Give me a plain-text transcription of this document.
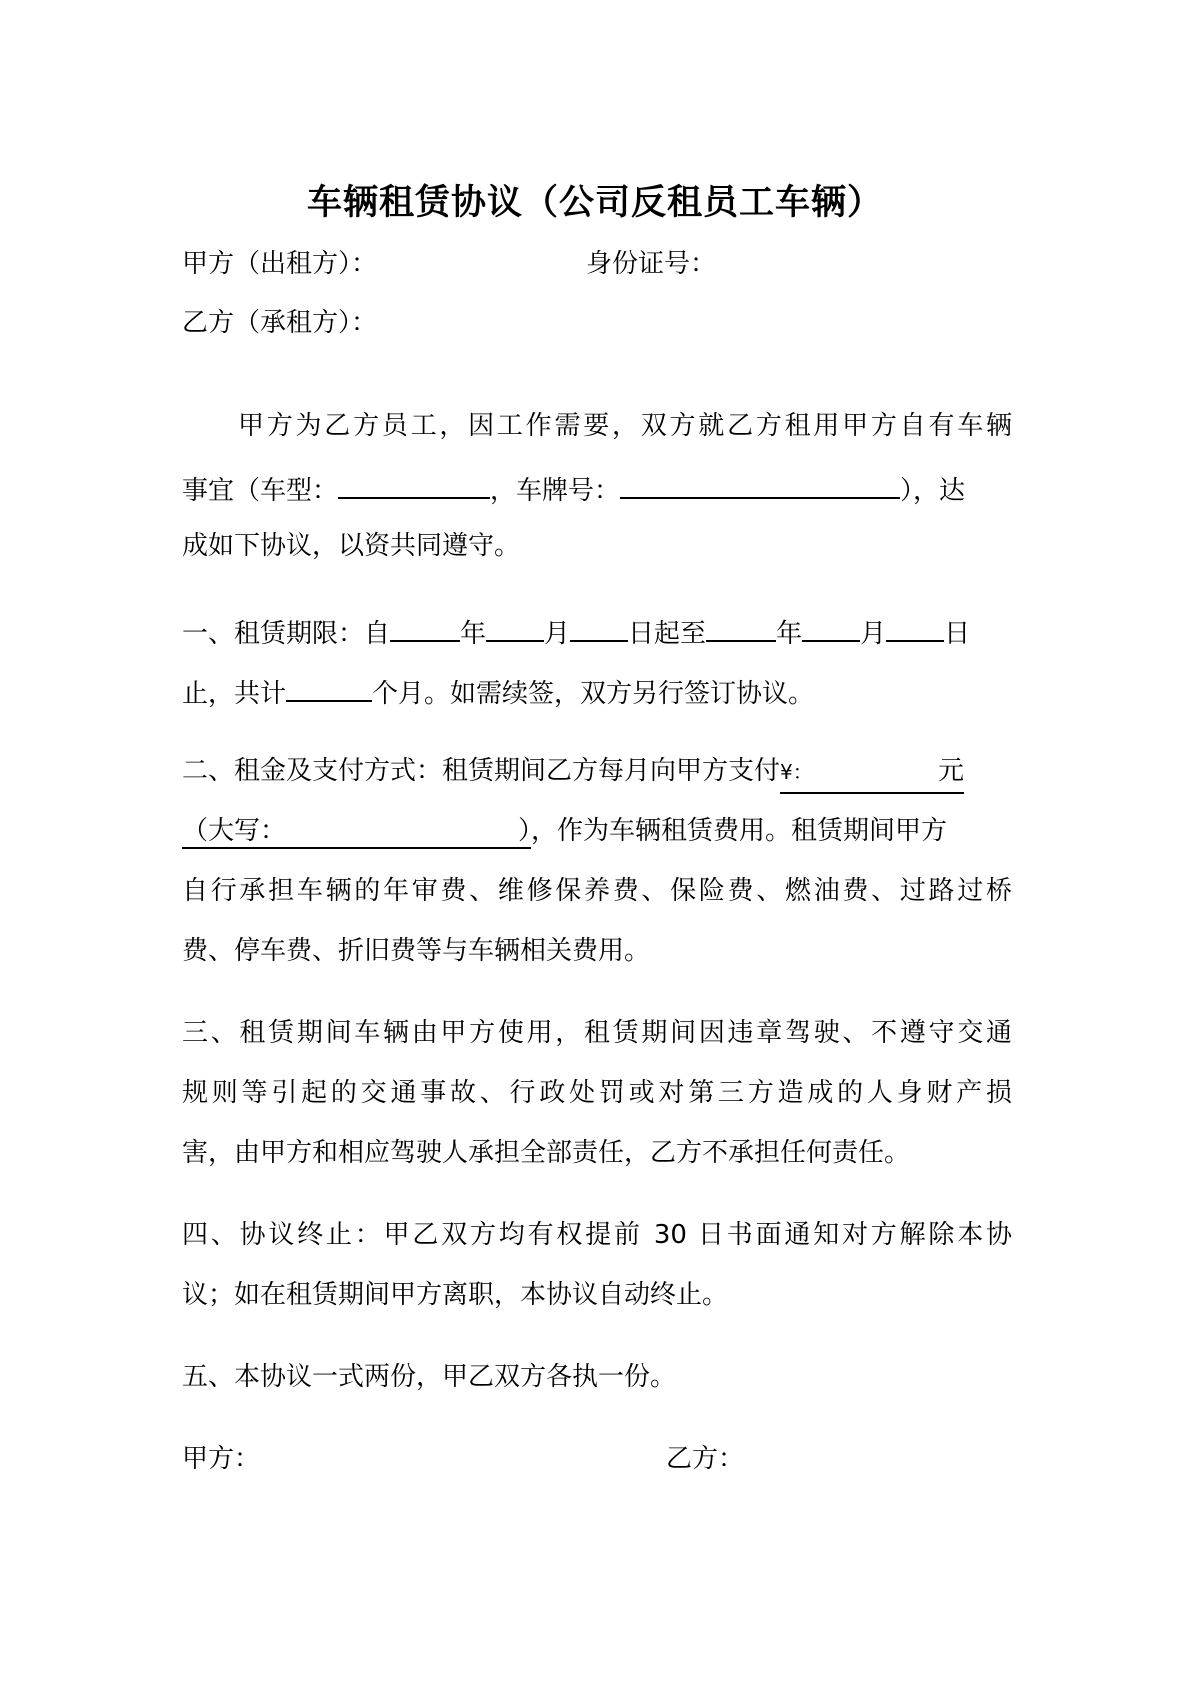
车辆租赁协议（公司反租员工车辆）
甲方（出租方）：	身份证号：
乙方（承租方）：
甲方为乙方员工，因工作需要，双方就乙方租用甲方自有车辆
事宜（车型：	，车牌号：	），达
成如下协议，以资共同遵守。
一、租赁期限：自	年 月 日起至	年 月 日
止，共计	个月。如需续签，双方另行签订协议。
二、租金及支付方式：租赁期间乙方每月向甲方支付¥：	元
（大写：	），作为车辆租赁费用。租赁期间甲方
自行承担车辆的年审费、维修保养费、保险费、燃油费、过路过桥
费、停车费、折旧费等与车辆相关费用。
三、租赁期间车辆由甲方使用，租赁期间因违章驾驶、不遵守交通
规则等引起的交通事故、行政处罚或对第三方造成的人身财产损
害，由甲方和相应驾驶人承担全部责任，乙方不承担任何责任。
四、协议终止：甲乙双方均有权提前 30 日书面通知对方解除本协
议；如在租赁期间甲方离职，本协议自动终止。
五、本协议一式两份，甲乙双方各执一份。
甲方：	乙方：
